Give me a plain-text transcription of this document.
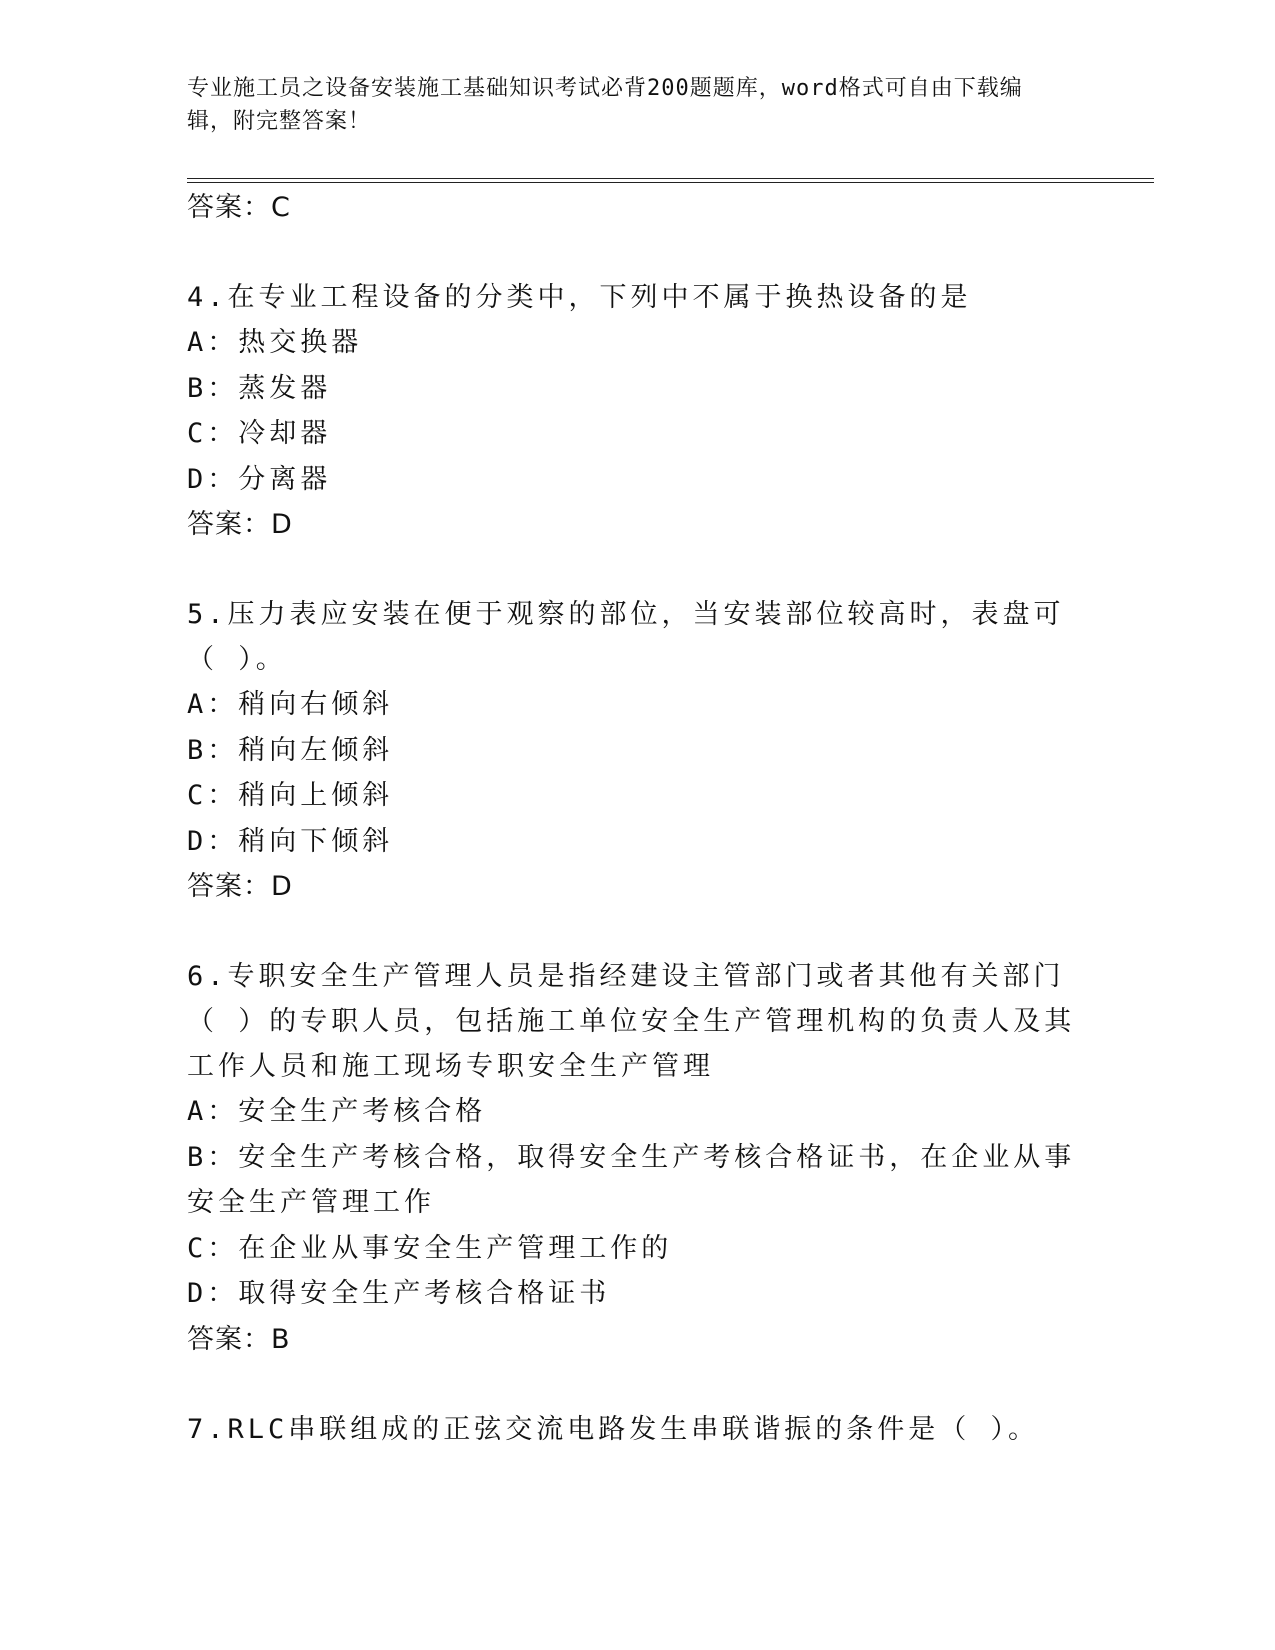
专业施工员之设备安装施工基础知识考试必背200题题库，word格式可自由下载编辑，附完整答案！
答案：C

4.在专业工程设备的分类中，下列中不属于换热设备的是

A：热交换器

B：蒸发器

C：冷却器

D：分离器

答案：D

5.压力表应安装在便于观察的部位，当安装部位较高时，表盘可（ ）。

A：稍向右倾斜

B：稍向左倾斜

C：稍向上倾斜

D：稍向下倾斜

答案：D

6.专职安全生产管理人员是指经建设主管部门或者其他有关部门（ ）的专职人员，包括施工单位安全生产管理机构的负责人及其工作人员和施工现场专职安全生产管理

A：安全生产考核合格

B：安全生产考核合格，取得安全生产考核合格证书，在企业从事安全生产管理工作

C：在企业从事安全生产管理工作的

D：取得安全生产考核合格证书

答案：B

7.RLC串联组成的正弦交流电路发生串联谐振的条件是（ ）。
